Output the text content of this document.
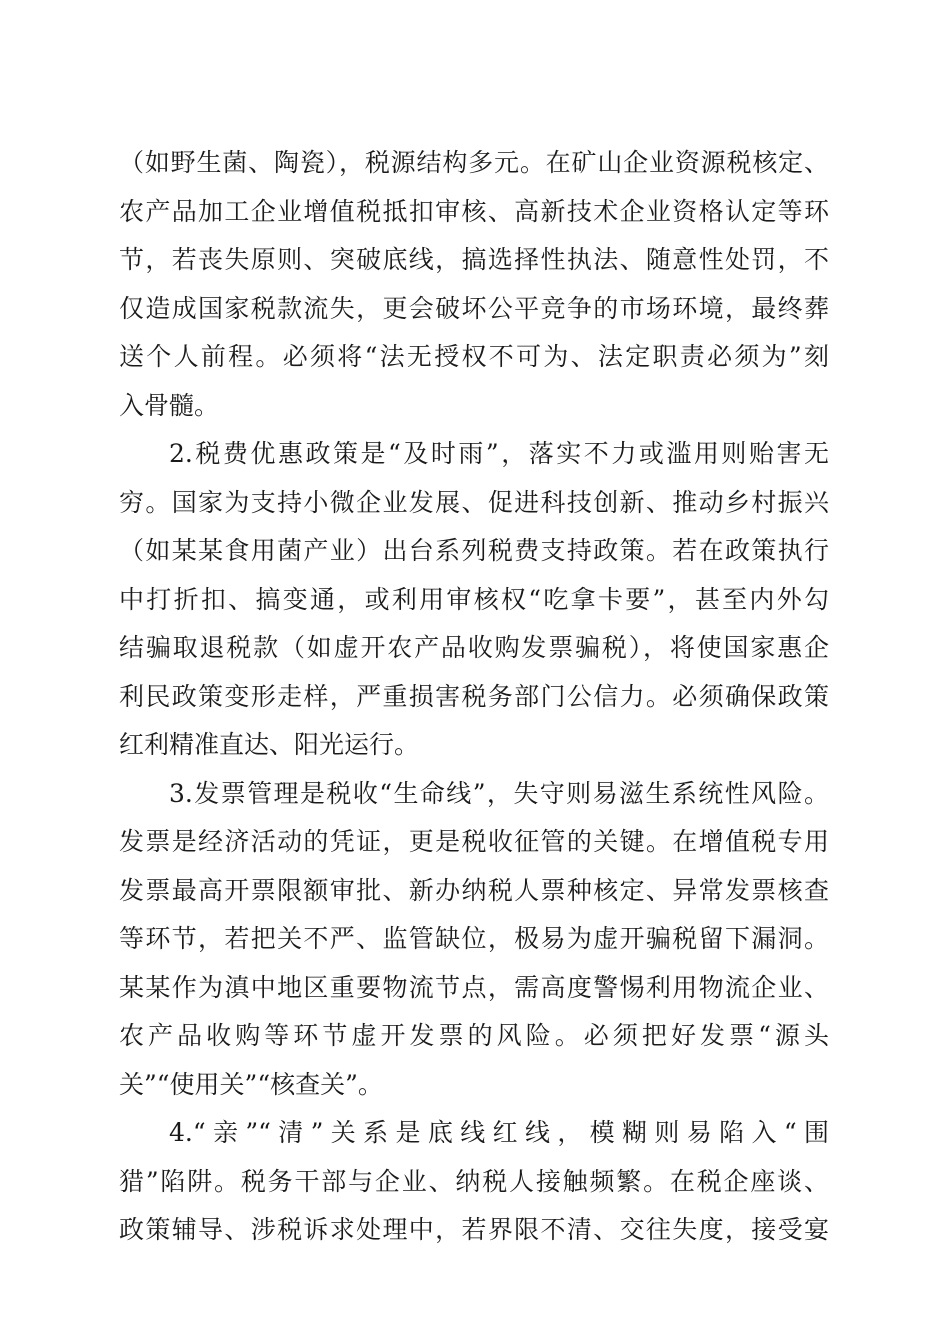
（如野生菌、陶瓷），税源结构多元。在矿山企业资源税核定、
农产品加工企业增值税抵扣审核、高新技术企业资格认定等环
节，若丧失原则、突破底线，搞选择性执法、随意性处罚，不
仅造成国家税款流失，更会破坏公平竞争的市场环境，最终葬
送个人前程。必须将“法无授权不可为、法定职责必须为”刻
入骨髓。
2.税费优惠政策是“及时雨”，落实不力或滥用则贻害无
穷。国家为支持小微企业发展、促进科技创新、推动乡村振兴
（如某某食用菌产业）出台系列税费支持政策。若在政策执行
中打折扣、搞变通，或利用审核权“吃拿卡要”，甚至内外勾
结骗取退税款（如虚开农产品收购发票骗税），将使国家惠企
利民政策变形走样，严重损害税务部门公信力。必须确保政策
红利精准直达、阳光运行。
3.发票管理是税收“生命线”，失守则易滋生系统性风险。
发票是经济活动的凭证，更是税收征管的关键。在增值税专用
发票最高开票限额审批、新办纳税人票种核定、异常发票核查
等环节，若把关不严、监管缺位，极易为虚开骗税留下漏洞。
某某作为滇中地区重要物流节点，需高度警惕利用物流企业、
农产品收购等环节虚开发票的风险。必须把好发票“源头
关”“使用关”“核查关”。
4.“亲”“清”关系是底线红线，模糊则易陷入“围
猎”陷阱。税务干部与企业、纳税人接触频繁。在税企座谈、
政策辅导、涉税诉求处理中，若界限不清、交往失度，接受宴
